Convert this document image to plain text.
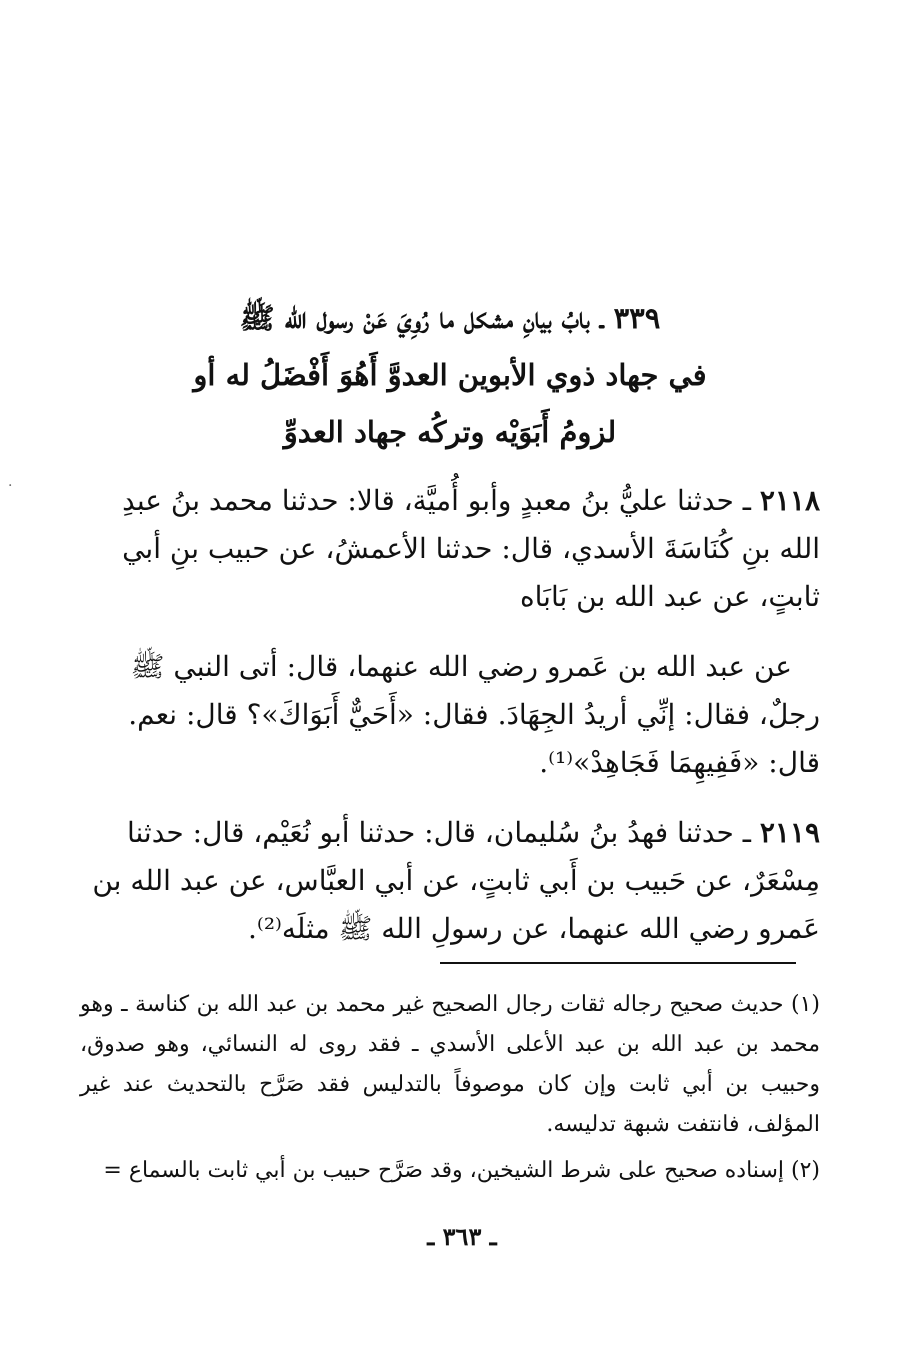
·
٣٣٩ ـ بابُ بيانِ مشكل ما رُوِيَ عَنْ رسول الله ﷺ
في جهاد ذوي الأبوين العدوَّ أَهُوَ أَفْضَلُ له أو
لزومُ أَبَوَيْه وتركُه جهاد العدوِّ

٢١١٨ ـ حدثنا عليُّ بنُ معبدٍ وأبو أُميَّة، قالا: حدثنا محمد بنُ عبدِ الله بنِ كُنَاسَةَ الأسدي، قال: حدثنا الأعمشُ، عن حبيب بنِ أبي ثابتٍ، عن عبد الله بن بَابَاه

عن عبد الله بن عَمرو رضي الله عنهما، قال: أتى النبي ﷺ رجلٌ، فقال: إنِّي أريدُ الجِهَادَ. فقال: «أَحَيٌّ أَبَوَاكَ»؟ قال: نعم. قال: «فَفِيهِمَا فَجَاهِدْ»⁽¹⁾.

٢١١٩ ـ حدثنا فهدُ بنُ سُليمان، قال: حدثنا أبو نُعَيْم، قال: حدثنا مِسْعَرٌ، عن حَبيب بن أَبي ثابتٍ، عن أبي العبَّاس، عن عبد الله بن عَمرو رضي الله عنهما، عن رسولِ الله ﷺ مثلَه⁽²⁾.

(١) حديث صحيح رجاله ثقات رجال الصحيح غير محمد بن عبد الله بن كناسة ـ وهو محمد بن عبد الله بن عبد الأعلى الأسدي ـ فقد روى له النسائي، وهو صدوق، وحبيب بن أبي ثابت وإن كان موصوفاً بالتدليس فقد صَرَّح بالتحديث عند غير المؤلف، فانتفت شبهة تدليسه.

(٢) إسناده صحيح على شرط الشيخين، وقد صَرَّح حبيب بن أبي ثابت بالسماع =

ـ ٣٦٣ ـ
